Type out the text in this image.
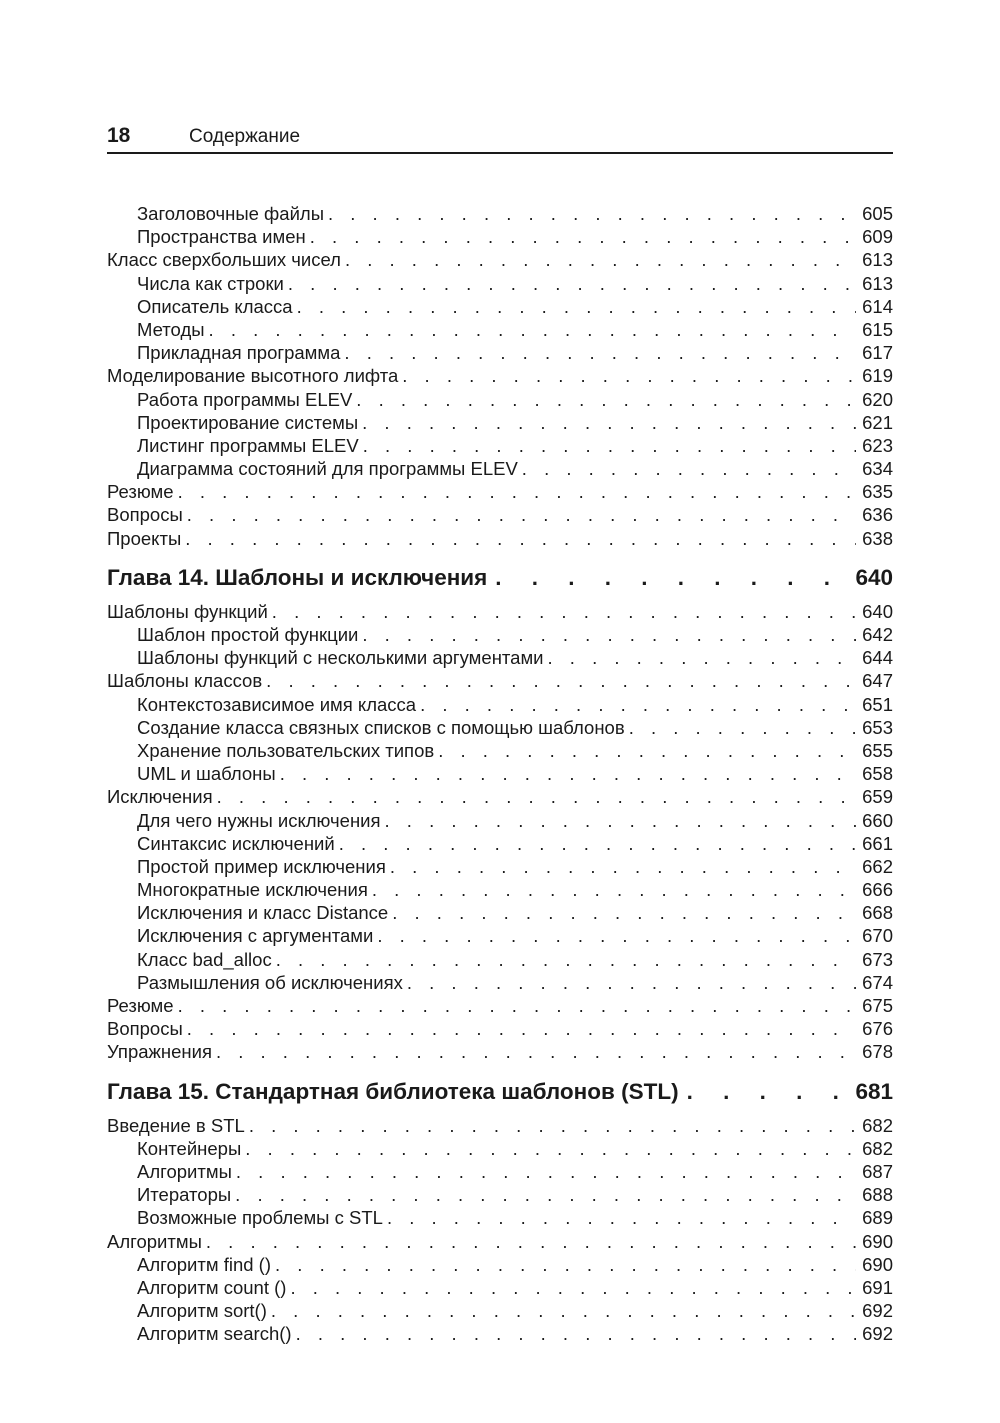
18	Содержание
Заголовочные файлы . . .	605
Пространства имен . . .	609
Класс сверхбольших чисел . . .	613
Числа как строки . . .	613
Описатель класса . . .	614
Методы . . .	615
Прикладная программа . . .	617
Моделирование высотного лифта . . .	619
Работа программы ELEV . . .	620
Проектирование системы . . .	621
Листинг программы ELEV . . .	623
Диаграмма состояний для программы ELEV . . .	634
Резюме . . .	635
Вопросы . . .	636
Проекты . . .	638
Глава 14. Шаблоны и исключения . . .	640
Шаблоны функций . . .	640
Шаблон простой функции . . .	642
Шаблоны функций с несколькими аргументами . . .	644
Шаблоны классов . . .	647
Контекстозависимое имя класса . . .	651
Создание класса связных списков с помощью шаблонов . . .	653
Хранение пользовательских типов . . .	655
UML и шаблоны . . .	658
Исключения . . .	659
Для чего нужны исключения . . .	660
Синтаксис исключений . . .	661
Простой пример исключения . . .	662
Многократные исключения . . .	666
Исключения и класс Distance . . .	668
Исключения с аргументами . . .	670
Класс bad_alloc . . .	673
Размышления об исключениях . . .	674
Резюме . . .	675
Вопросы . . .	676
Упражнения . . .	678
Глава 15. Стандартная библиотека шаблонов (STL) . . .	681
Введение в STL . . .	682
Контейнеры . . .	682
Алгоритмы . . .	687
Итераторы . . .	688
Возможные проблемы с STL . . .	689
Алгоритмы . . .	690
Алгоритм find () . . .	690
Алгоритм count () . . .	691
Алгоритм sort() . . .	692
Алгоритм search() . . .	692
